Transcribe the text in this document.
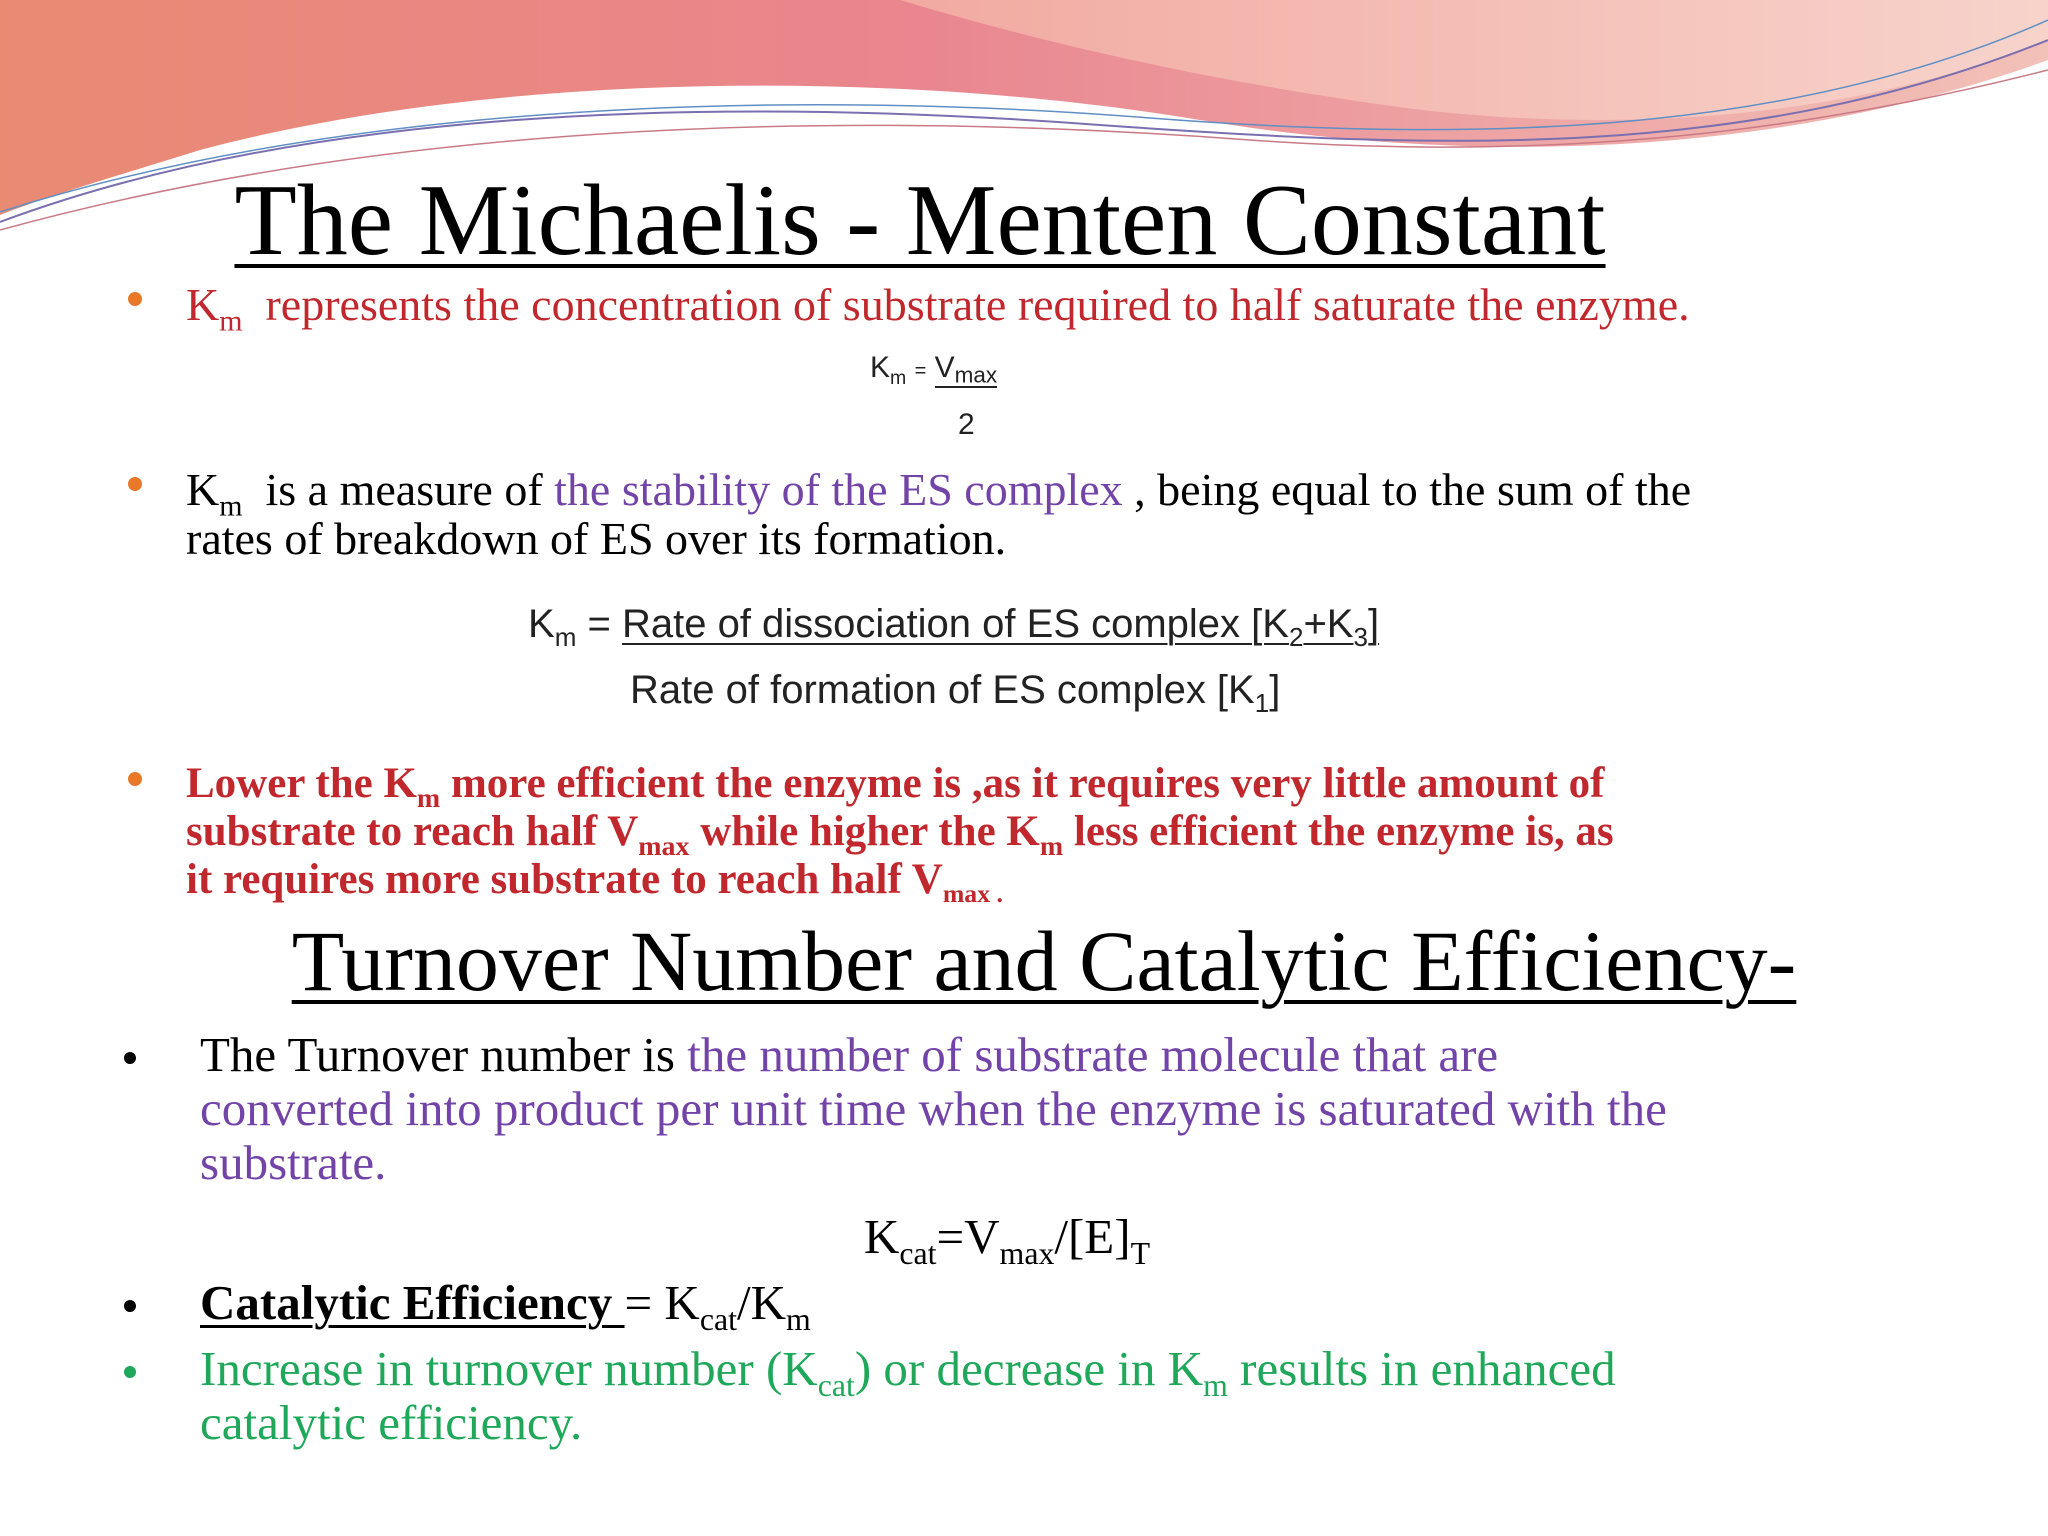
The Michaelis - Menten Constant
$K_m$ represents the concentration of substrate required to half saturate the enzyme.
$K_m = V_{max}$
2
$K_m$ is a measure of the stability of the ES complex , being equal to the sum of the
rates of breakdown of ES over its formation.
$K_m$ = Rate of dissociation of ES complex $[K_2+K_3]$
Rate of formation of ES complex $[K_1]$
Lower the $K_m$ more efficient the enzyme is ,as it requires very little amount of
substrate to reach half $V_{max}$ while higher the $K_m$ less efficient the enzyme is, as
it requires more substrate to reach half $V_{max .}$
Turnover Number and Catalytic Efficiency-
The Turnover number is the number of substrate molecule that are
converted into product per unit time when the enzyme is saturated with the
substrate.
$K_{cat}=V_{max}/[E]_T$
Catalytic Efficiency = $K_{cat}/K_m$
Increase in turnover number $(K_{cat})$ or decrease in $K_m$ results in enhanced
catalytic efficiency.
